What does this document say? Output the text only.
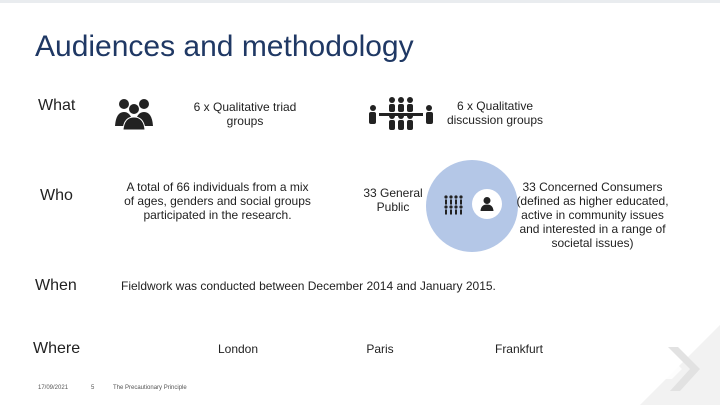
Audiences and methodology
What
Who
When
Where
6 x Qualitative triad
groups
6 x Qualitative
discussion groups
A total of 66 individuals from a mix
of ages, genders and social groups
participated in the research.
33 General
Public
33 Concerned Consumers
(defined as higher educated,
active in community issues
and interested in a range of
societal issues)
Fieldwork was conducted between December 2014 and January 2015.
London	Paris	Frankfurt
17/09/2021	5	The Precautionary Principle
